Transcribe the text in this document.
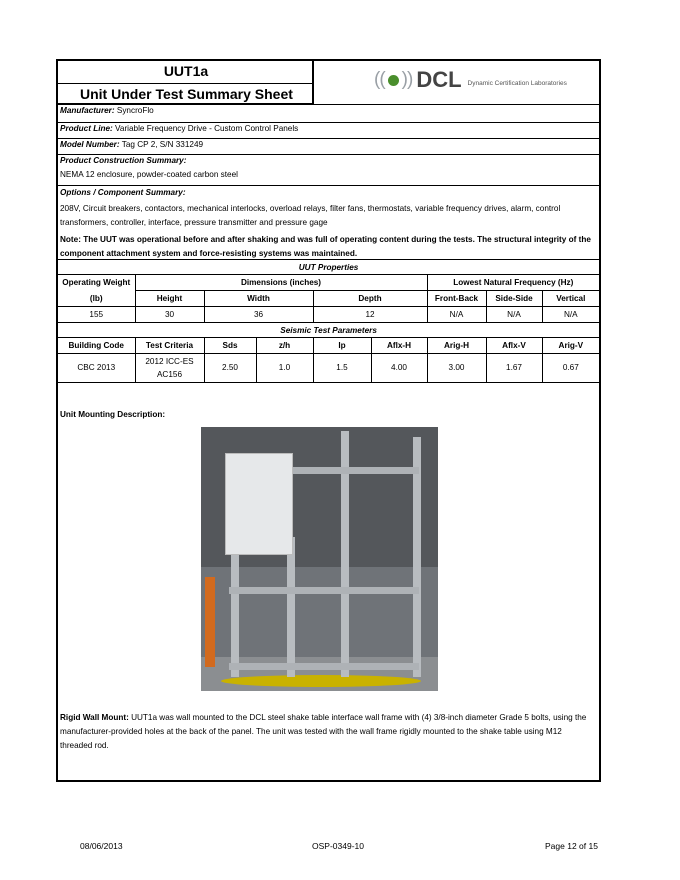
UUT1a
Unit Under Test Summary Sheet
(( )) DCL Dynamic Certification Laboratories
Manufacturer: SyncroFlo
Product Line: Variable Frequency Drive - Custom Control Panels
Model Number: Tag CP 2, S/N 331249
Product Construction Summary:
NEMA 12 enclosure, powder-coated carbon steel
Options / Component Summary:
208V, Circuit breakers, contactors, mechanical interlocks, overload relays, filter fans, thermostats, variable frequency drives, alarm, control transformers, controller, interface, pressure transmitter and pressure gage
Note: The UUT was operational before and after shaking and was full of operating content during the tests. The structural integrity of the component attachment system and force-resisting systems was maintained.
UUT Properties								
Operating Weight	Dimensions (inches)					Lowest Natural Frequency (Hz)		
(lb)	Height	Width		Depth		Front-Back	Side-Side	Vertical
155	30	36		12		N/A	N/A	N/A
Seismic Test Parameters								
Building Code	Test Criteria	Sds	z/h	Ip	Aflx-H	Arig-H	Aflx-V	Arig-V
CBC 2013	2012 ICC-ES AC156	2.50	1.0	1.5	4.00	3.00	1.67	0.67
Unit Mounting Description:
Rigid Wall Mount: UUT1a was wall mounted to the DCL steel shake table interface wall frame with (4) 3/8-inch diameter Grade 5 bolts, using the manufacturer-provided holes at the back of the panel. The unit was tested with the wall frame rigidly mounted to the shake table using M12 threaded rod.
08/06/2013	OSP-0349-10	Page 12 of 15
